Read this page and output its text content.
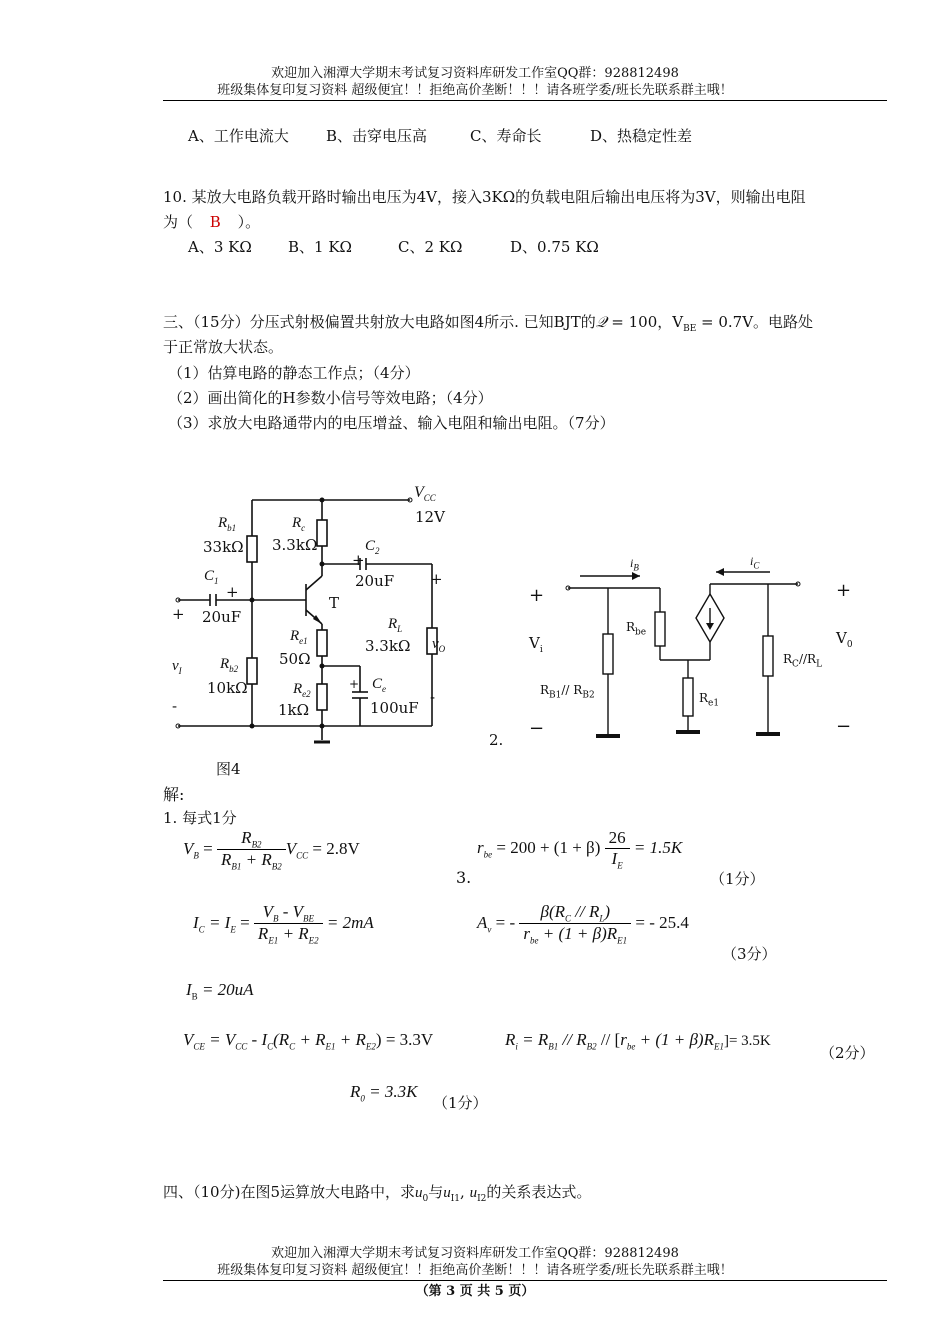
欢迎加入湘潭大学期末考试复习资料库研发工作室QQ群：928812498
班级集体复印复习资料 超级便宜！！拒绝高价垄断！！！请各班学委/班长先联系群主哦！
A、工作电流大 B、击穿电压高	C、寿命长	D、热稳定性差
10. 某放大电路负载开路时输出电压为4V，接入3KΩ的负载电阻后输出电压将为3V，则输出电阻
为（ B ）。
A、3 KΩ B、1 KΩ	C、2 KΩ	D、0.75 KΩ
三、（15分）分压式射极偏置共射放大电路如图4所示. 已知BJT的𝒬 = 100，$V_{BE} = 0.7V$。电路处
于正常放大状态。
（1）估算电路的静态工作点；（4分）
（2）画出简化的H参数小信号等效电路；（4分）
（3）求放大电路通带内的电压增益、输入电阻和输出电阻。（7分）
$V_{CC}$
12V
$R_{b1}$
33kΩ
$R_c$
3.3kΩ	$C_2$
+
20uF +
$C_1$
+
20uF
+
T
$R_L$
3.3kΩ $v_O$
$R_{e1}$
50Ω
$v_I$	$R_{b2}$
10kΩ	$C_e$
+
100uF
$R_{e2}$
1kΩ
-	-
图4
$i_B$	$i_C$
+	+
$R_{be}$
$V_i$
$V_0$
$R_C//R_L$
$R_{B1}//$ $R_{B2}$	$R_{e1}$
−	−
2.
解:
1. 每式1分
$V_B = \frac{R_{B2}}{R_{B1} + R_{B2}} V_{CC} = 2.8V$
3.
$r_{be} = 200 + (1 + \beta) \frac{26}{I_E} = 1.5K$
（1分）
$I_C = I_E = \frac{V_B - V_{BE}}{R_{E1} + R_{E2}} = 2mA$	$A_v$ = - $\frac{\beta(R_C // R_L)}{r_{be} + (1 + \beta)R_{E1}}$ = - 25.4
（3分）
$I_B = 20uA$
$V_{CE} = V_{CC} - I_C(R_C + R_{E1} + R_{E2}) = 3.3V$	$R_i = R_{B1} // R_{B2} // [r_{be} + (1 + \beta)R_{E1}]= 3.5K$
（2分）
$R_0 = 3.3K$
（1分）
四、（10分)在图5运算放大电路中，求$u_0$与$u_{I1}$, $u_{I2}$的关系表达式。
欢迎加入湘潭大学期末考试复习资料库研发工作室QQ群：928812498
班级集体复印复习资料 超级便宜！！拒绝高价垄断！！！请各班学委/班长先联系群主哦！
（第 3 页 共 5 页）
